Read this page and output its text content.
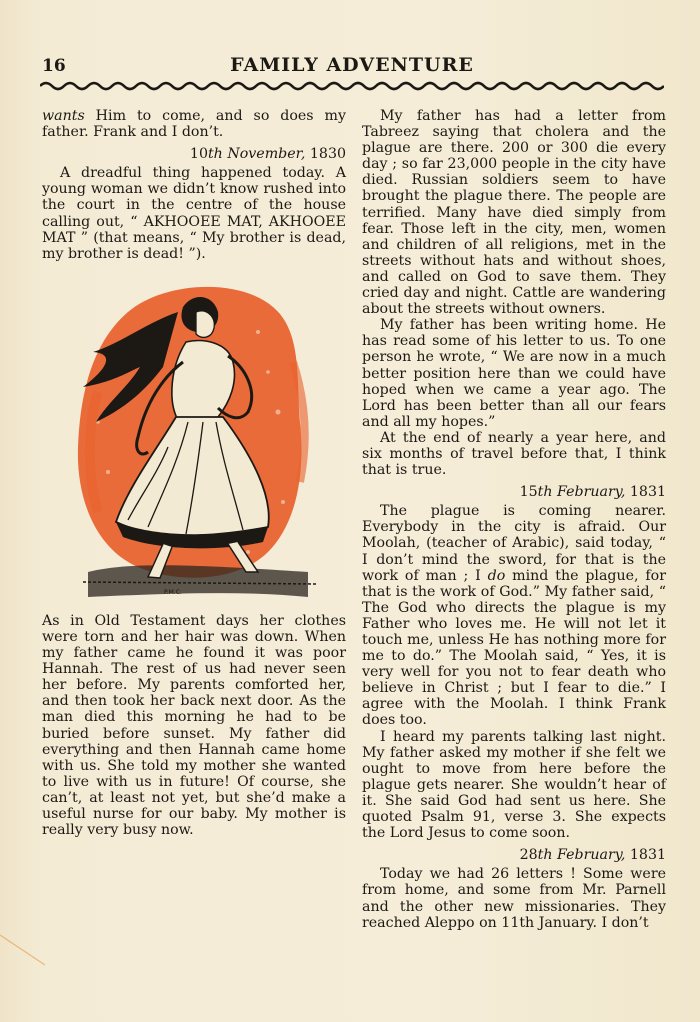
16	FAMILY ADVENTURE

wants Him to come, and so does my father. Frank and I don’t.

10th November, 1830

A dreadful thing happened today. A young woman we didn’t know rushed into the court in the centre of the house calling out, “ AKHOOEE MAT, AKHOOEE MAT ” (that means, “ My brother is dead, my brother is dead! ”).

P.M.C.

As in Old Testament days her clothes were torn and her hair was down. When my father came he found it was poor Hannah. The rest of us had never seen her before. My parents comforted her, and then took her back next door. As the man died this morning he had to be buried before sunset. My father did everything and then Hannah came home with us. She told my mother she wanted to live with us in future! Of course, she can’t, at least not yet, but she’d make a useful nurse for our baby. My mother is really very busy now.

My father has had a letter from Tabreez saying that cholera and the plague are there. 200 or 300 die every day ; so far 23,000 people in the city have died. Russian soldiers seem to have brought the plague there. The people are terrified. Many have died simply from fear. Those left in the city, men, women and children of all religions, met in the streets without hats and without shoes, and called on God to save them. They cried day and night. Cattle are wandering about the streets without owners.

My father has been writing home. He has read some of his letter to us. To one person he wrote, “ We are now in a much better position here than we could have hoped when we came a year ago. The Lord has been better than all our fears and all my hopes.”

At the end of nearly a year here, and six months of travel before that, I think that is true.

15th February, 1831

The plague is coming nearer. Everybody in the city is afraid. Our Moolah, (teacher of Arabic), said today, “ I don’t mind the sword, for that is the work of man ; I do mind the plague, for that is the work of God.” My father said, “ The God who directs the plague is my Father who loves me. He will not let it touch me, unless He has nothing more for me to do.” The Moolah said, “ Yes, it is very well for you not to fear death who believe in Christ ; but I fear to die.” I agree with the Moolah. I think Frank does too.

I heard my parents talking last night. My father asked my mother if she felt we ought to move from here before the plague gets nearer. She wouldn’t hear of it. She said God had sent us here. She quoted Psalm 91, verse 3. She expects the Lord Jesus to come soon.

28th February, 1831

Today we had 26 letters ! Some were from home, and some from Mr. Parnell and the other new missionaries. They reached Aleppo on 11th January. I don’t
